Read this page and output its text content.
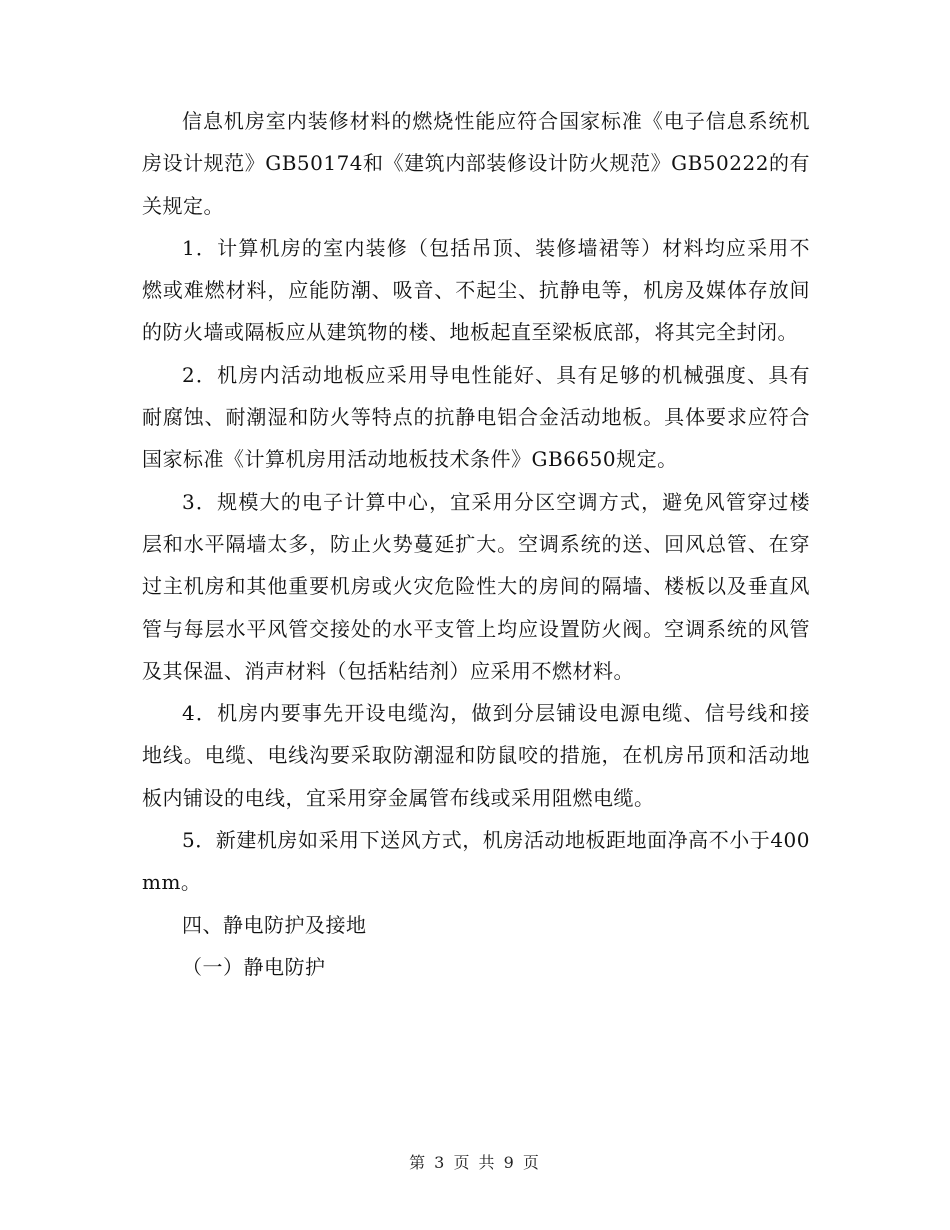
信息机房室内装修材料的燃烧性能应符合国家标准《电子信息系统机房设计规范》GB50174和《建筑内部装修设计防火规范》GB50222的有关规定。

1．计算机房的室内装修（包括吊顶、装修墙裙等）材料均应采用不燃或难燃材料，应能防潮、吸音、不起尘、抗静电等，机房及媒体存放间的防火墙或隔板应从建筑物的楼、地板起直至梁板底部，将其完全封闭。

2．机房内活动地板应采用导电性能好、具有足够的机械强度、具有耐腐蚀、耐潮湿和防火等特点的抗静电铝合金活动地板。具体要求应符合国家标准《计算机房用活动地板技术条件》GB6650规定。

3．规模大的电子计算中心，宜采用分区空调方式，避免风管穿过楼层和水平隔墙太多，防止火势蔓延扩大。空调系统的送、回风总管、在穿过主机房和其他重要机房或火灾危险性大的房间的隔墙、楼板以及垂直风管与每层水平风管交接处的水平支管上均应设置防火阀。空调系统的风管及其保温、消声材料（包括粘结剂）应采用不燃材料。

4．机房内要事先开设电缆沟，做到分层铺设电源电缆、信号线和接地线。电缆、电线沟要采取防潮湿和防鼠咬的措施，在机房吊顶和活动地板内铺设的电线，宜采用穿金属管布线或采用阻燃电缆。

5．新建机房如采用下送风方式，机房活动地板距地面净高不小于400mm。

四、静电防护及接地

（一）静电防护

第 3 页 共 9 页
